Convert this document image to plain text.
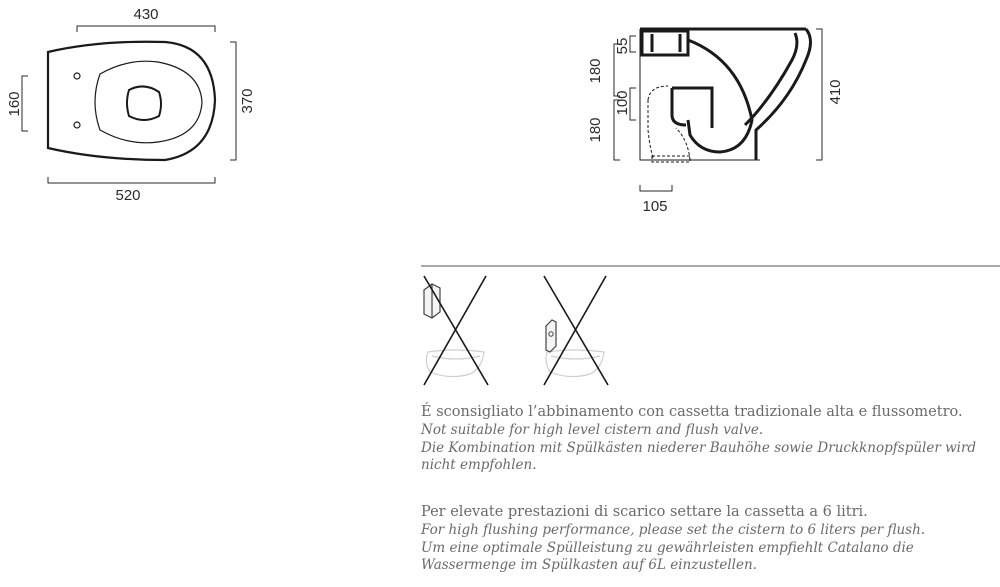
430
520
160	370
55
180
100
180
410
105

É sconsigliato l’abbinamento con cassetta tradizionale alta e flussometro.

Not suitable for high level cistern and flush valve.

Die Kombination mit Spülkästen niederer Bauhöhe sowie Druckknopfspüler wird nicht empfohlen.

Per elevate prestazioni di scarico settare la cassetta a 6 litri.

For high flushing performance, please set the cistern to 6 liters per flush.

Um eine optimale Spülleistung zu gewährleisten empfiehlt Catalano die Wassermenge im Spülkasten auf 6L einzustellen.
